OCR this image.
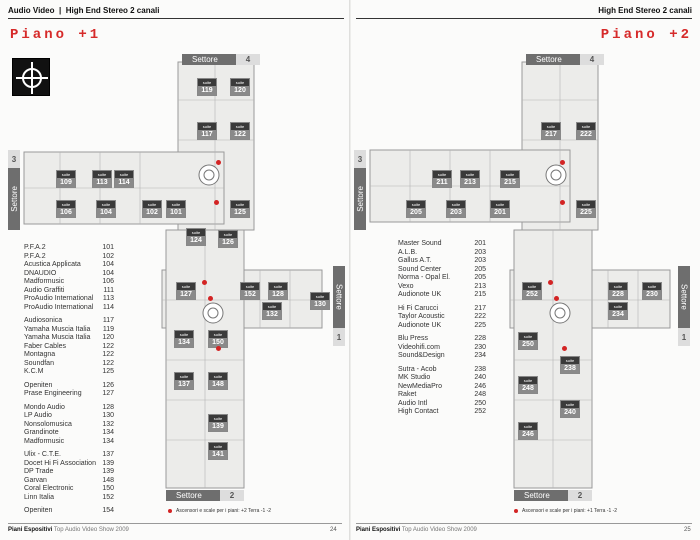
Audio Video  |  High End Stereo 2 canali
Piano +1
Settore	4
Settore	2
3
Settore
Settore
1
suite
119
suite
120
suite
117
suite
122
suite
109
suite
113
suite
114
suite
106
suite
104
suite
102
suite
101
suite
125
suite
124
suite
126
suite
127
suite
152
suite
128	suite
130
suite
132
suite
134
suite
150
suite
137
suite
148
suite
139
suite
141
P.F.A.2	101
P.F.A.2	102
Acustica Applicata	104
DNAUDIO	104
Madformusic	106
Audio Graffiti	111
ProAudio International 113
ProAudio International 114
Audiosonica	117
Yamaha Muscia Italia 119
Yamaha Muscia Italia 120
Faber Cables	122
Montagna	122
Soundfan	122
K.C.M	125
Openiten	126
Prase Engineering	127
Mondo Audio	128
LP Audio	130
Nonsolomusica	132
Grandinote	134
Madformusic	134
Ulix - C.T.E.	137
Docet Hi Fi Association 139
DP Trade	139
Garvan	148
Coral Electronic	150
Linn Italia	152
Openiten	154	Ascensori e scale per i piani: +2 Terra -1 -2
Piani Espositivi Top Audio Video Show 2009	24
High End Stereo 2 canali
Piano +2
Settore	4
Settore	2
3
Settore
Settore
1
suite
217
suite
222
suite
211
suite
213
suite
215
suite
205
suite
203
suite
201
suite
225
suite
252
suite
228
suite
230
suite
234
suite
250
suite
238
suite
248
suite
240
suite
246
Master Sound	201
A.L.B.	203
Gallus A.T.	203
Sound Center	205
Norma - Opal El.	205
Vexo	213
Audionote UK	215
Hi Fi Carucci	217
Taylor Acoustic	222
Audionote UK	225
Blu Press	228
Videohifi.com	230
Sound&Design	234
Sutra - Acob	238
MK Studio	240
NewMediaPro	246
Raket	248
Audio Intl	250
High Contact	252
Ascensori e scale per i piani: +1 Terra -1 -2
Piani Espositivi Top Audio Video Show 2009	25
